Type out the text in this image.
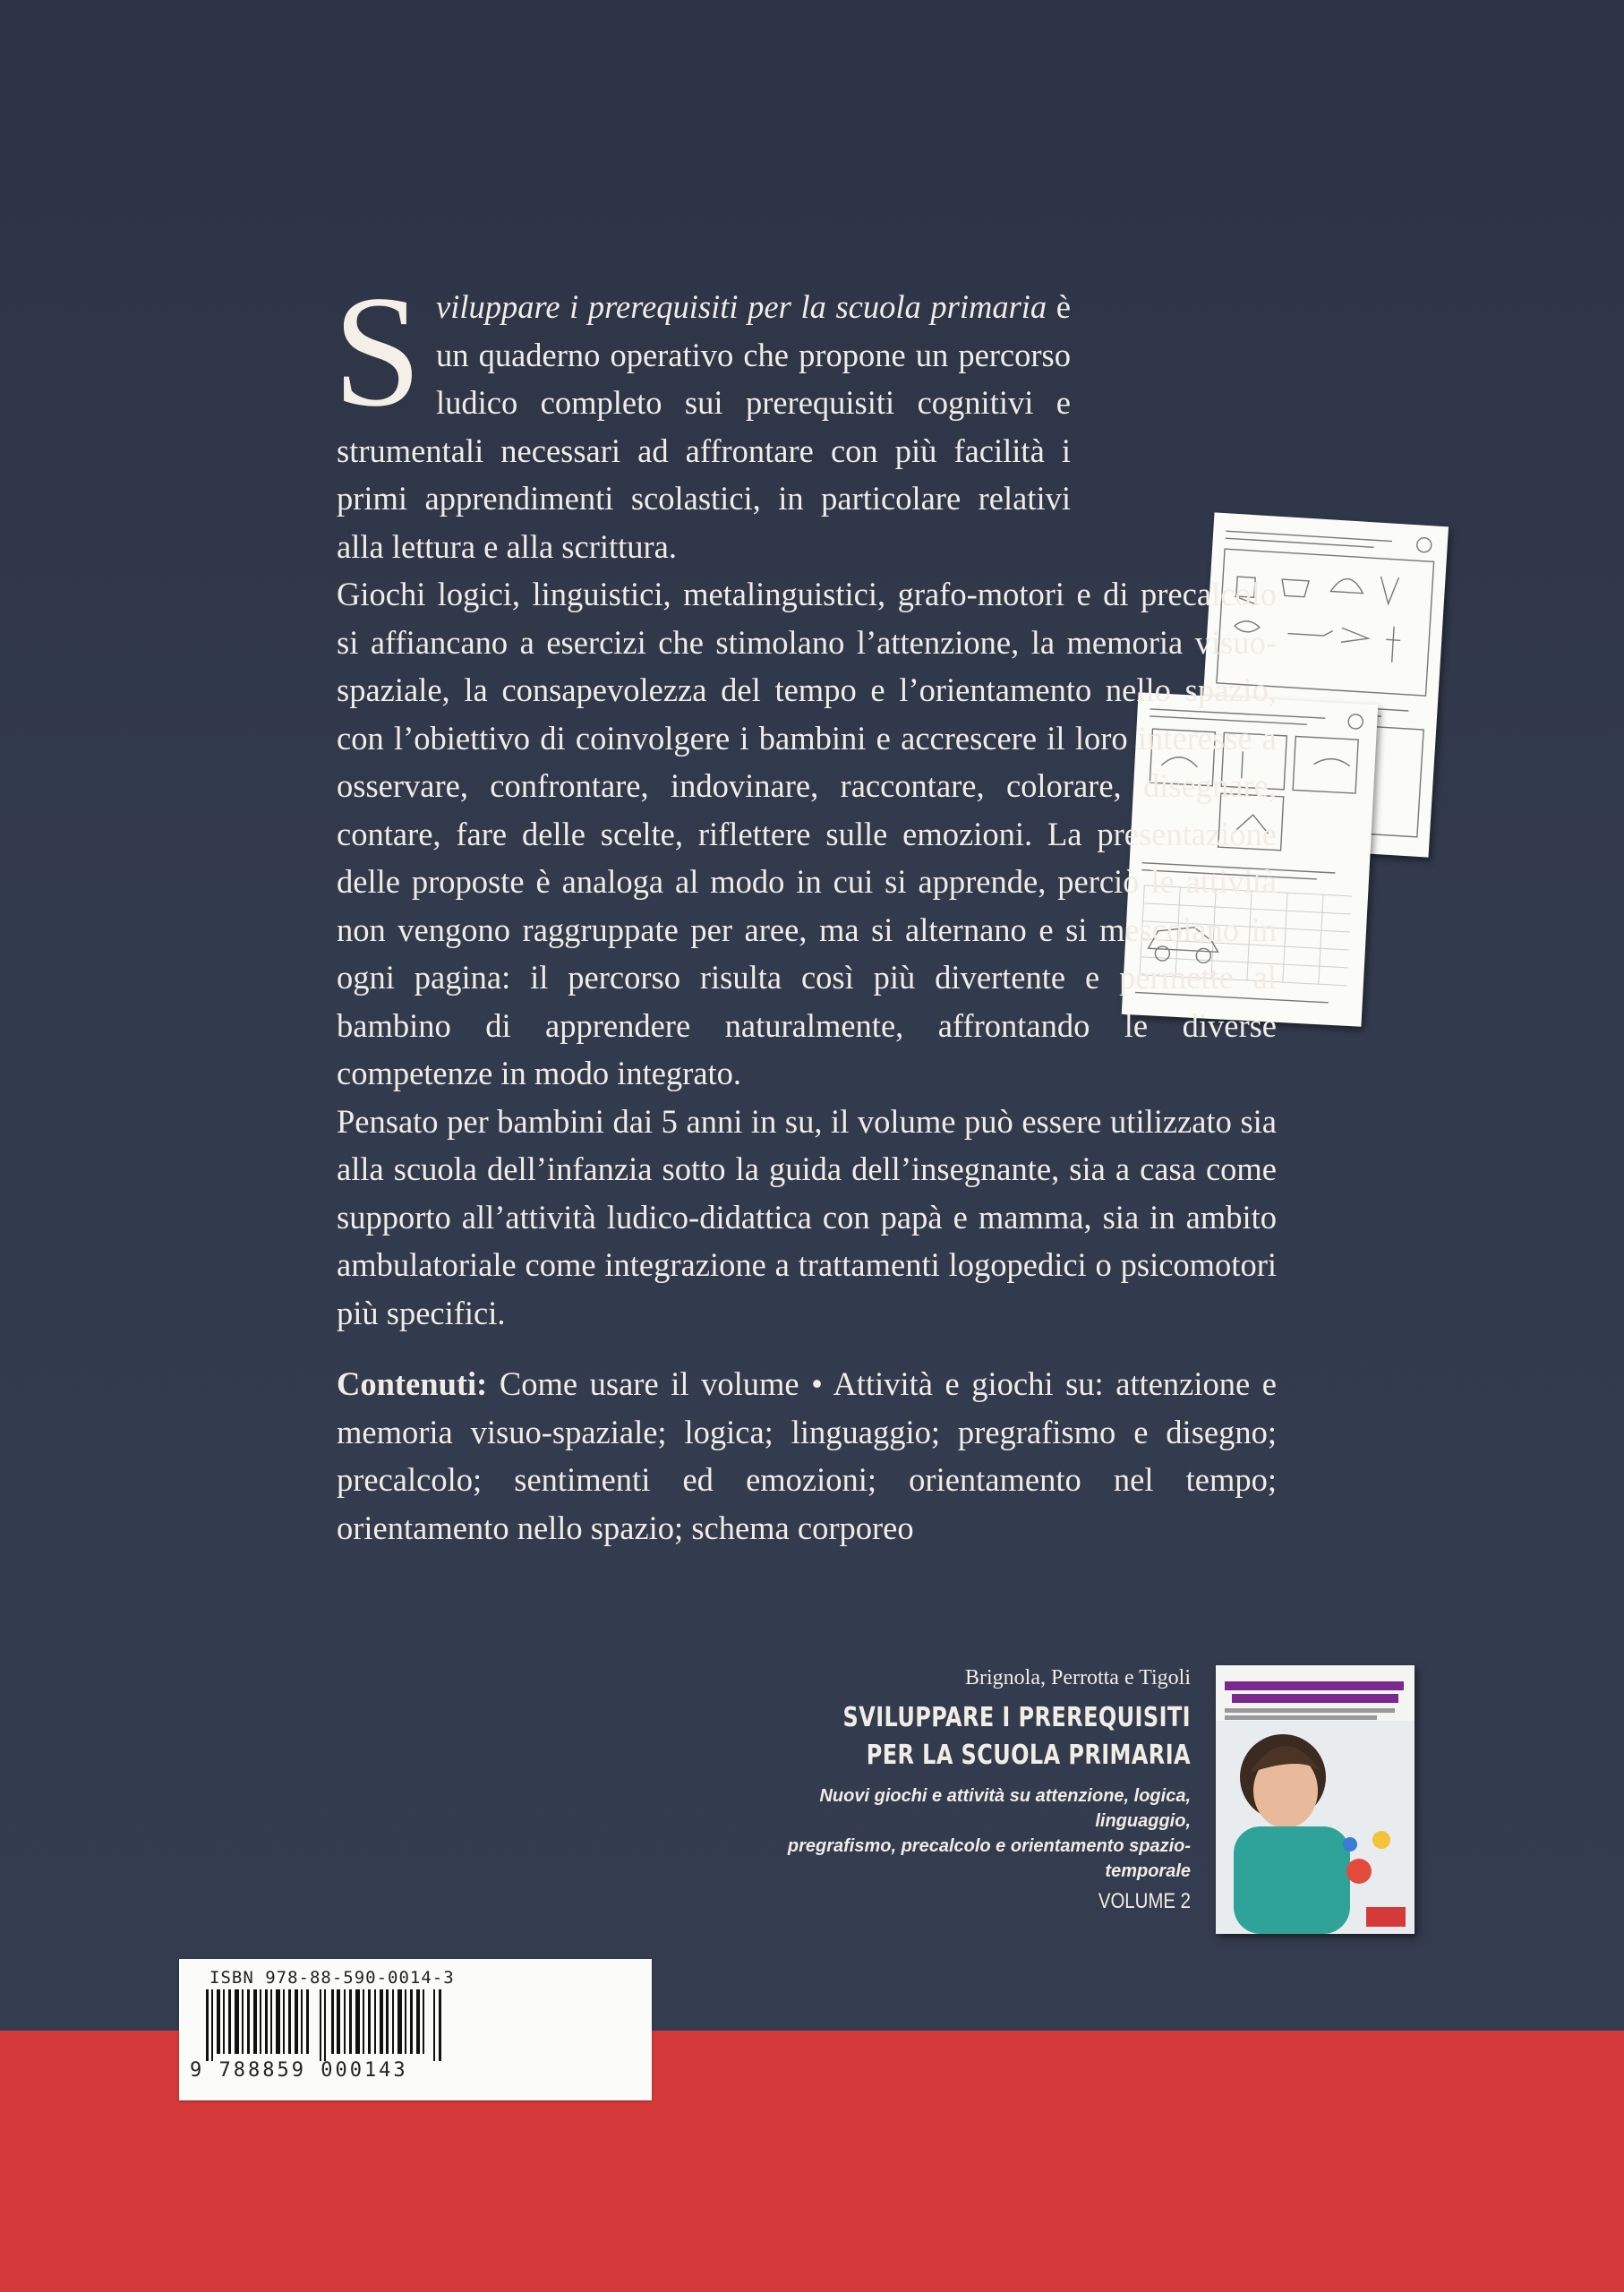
Sviluppare i prerequisiti per la scuola primaria è un quaderno operativo che propone un percorso ludico completo sui prerequisiti cognitivi e strumentali necessari ad affrontare con più facilità i primi apprendimenti scolastici, in particolare relativi alla lettura e alla scrittura.

Giochi logici, linguistici, metalinguistici, grafo-motori e di precalcolo si affiancano a esercizi che stimolano l’attenzione, la memoria visuo-spaziale, la consapevolezza del tempo e l’orientamento nello spazio, con l’obiettivo di coinvolgere i bambini e accrescere il loro interesse a osservare, confrontare, indovinare, raccontare, colorare, disegnare, contare, fare delle scelte, riflettere sulle emozioni. La presentazione delle proposte è analoga al modo in cui si apprende, perciò le attività non vengono raggruppate per aree, ma si alternano e si mescolano in ogni pagina: il percorso risulta così più divertente e permette al bambino di apprendere naturalmente, affrontando le diverse competenze in modo integrato.

Pensato per bambini dai 5 anni in su, il volume può essere utilizzato sia alla scuola dell’infanzia sotto la guida dell’insegnante, sia a casa come supporto all’attività ludico-didattica con papà e mamma, sia in ambito ambulatoriale come integrazione a trattamenti logopedici o psicomotori più specifici.

Contenuti: Come usare il volume • Attività e giochi su: attenzione e memoria visuo-spaziale; logica; linguaggio; pregrafismo e disegno; precalcolo; sentimenti ed emozioni; orientamento nel tempo; orientamento nello spazio; schema corporeo

Brignola, Perrotta e Tigoli
SVILUPPARE I PREREQUISITI
PER LA SCUOLA PRIMARIA
Nuovi giochi e attività su attenzione, logica, linguaggio,
pregrafismo, precalcolo e orientamento spazio-temporale
VOLUME 2
ISBN 978-88-590-0014-3
9 788859 000143
